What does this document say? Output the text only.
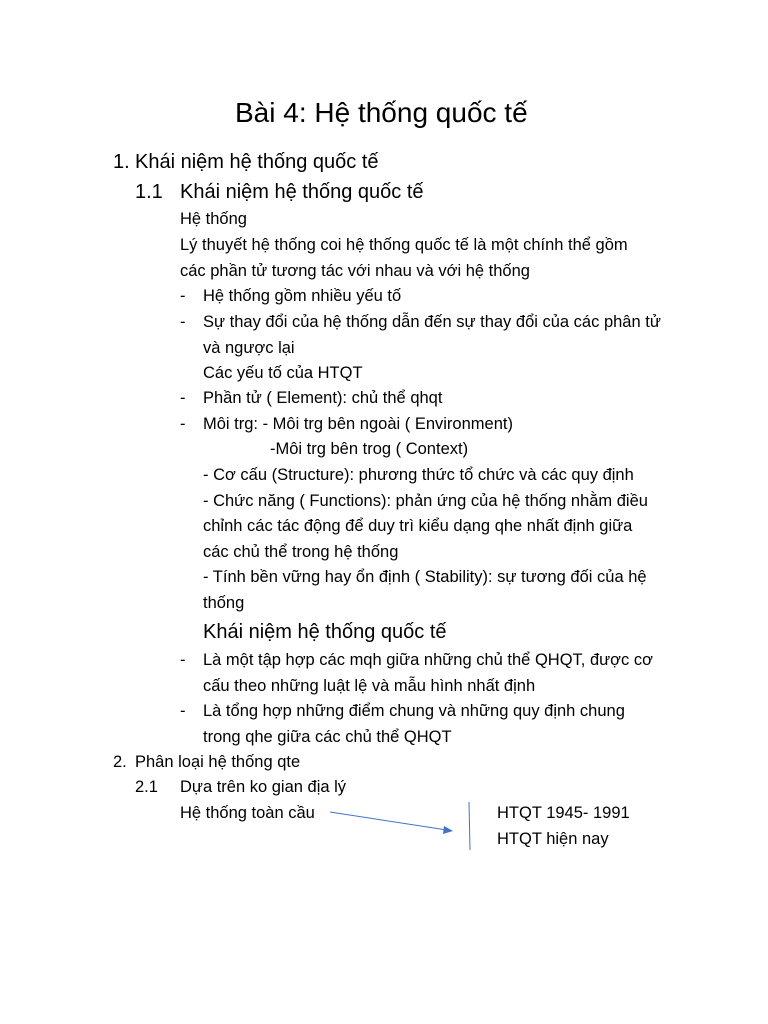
Bài 4: Hệ thống quốc tế
1. Khái niệm hệ thống quốc tế
1.1 Khái niệm hệ thống quốc tế
Hệ thống
Lý thuyết hệ thống coi hệ thống quốc tế là một chính thể gồm
các phần tử tương tác với nhau và với hệ thống
- Hệ thống gồm nhiều yếu tố
- Sự thay đổi của hệ thống dẫn đến sự thay đổi của các phân tử
và ngược lại
Các yếu tố của HTQT
- Phần tử ( Element): chủ thể qhqt
- Môi trg: - Môi trg bên ngoài ( Environment)
-Môi trg bên trog ( Context)
- Cơ cấu (Structure): phương thức tổ chức và các quy định
- Chức năng ( Functions): phản ứng của hệ thống nhằm điều
chỉnh các tác động để duy trì kiểu dạng qhe nhất định giữa
các chủ thể trong hệ thống
- Tính bền vững hay ổn định ( Stability): sự tương đối của hệ
thống
Khái niệm hệ thống quốc tế
- Là một tập hợp các mqh giữa những chủ thể QHQT, được cơ
cấu theo những luật lệ và mẫu hình nhất định
- Là tổng hợp những điểm chung và những quy định chung
trong qhe giữa các chủ thể QHQT
2. Phân loại hệ thống qte
2.1 Dựa trên ko gian địa lý
Hệ thống toàn cầu	HTQT 1945- 1991
HTQT hiện nay
